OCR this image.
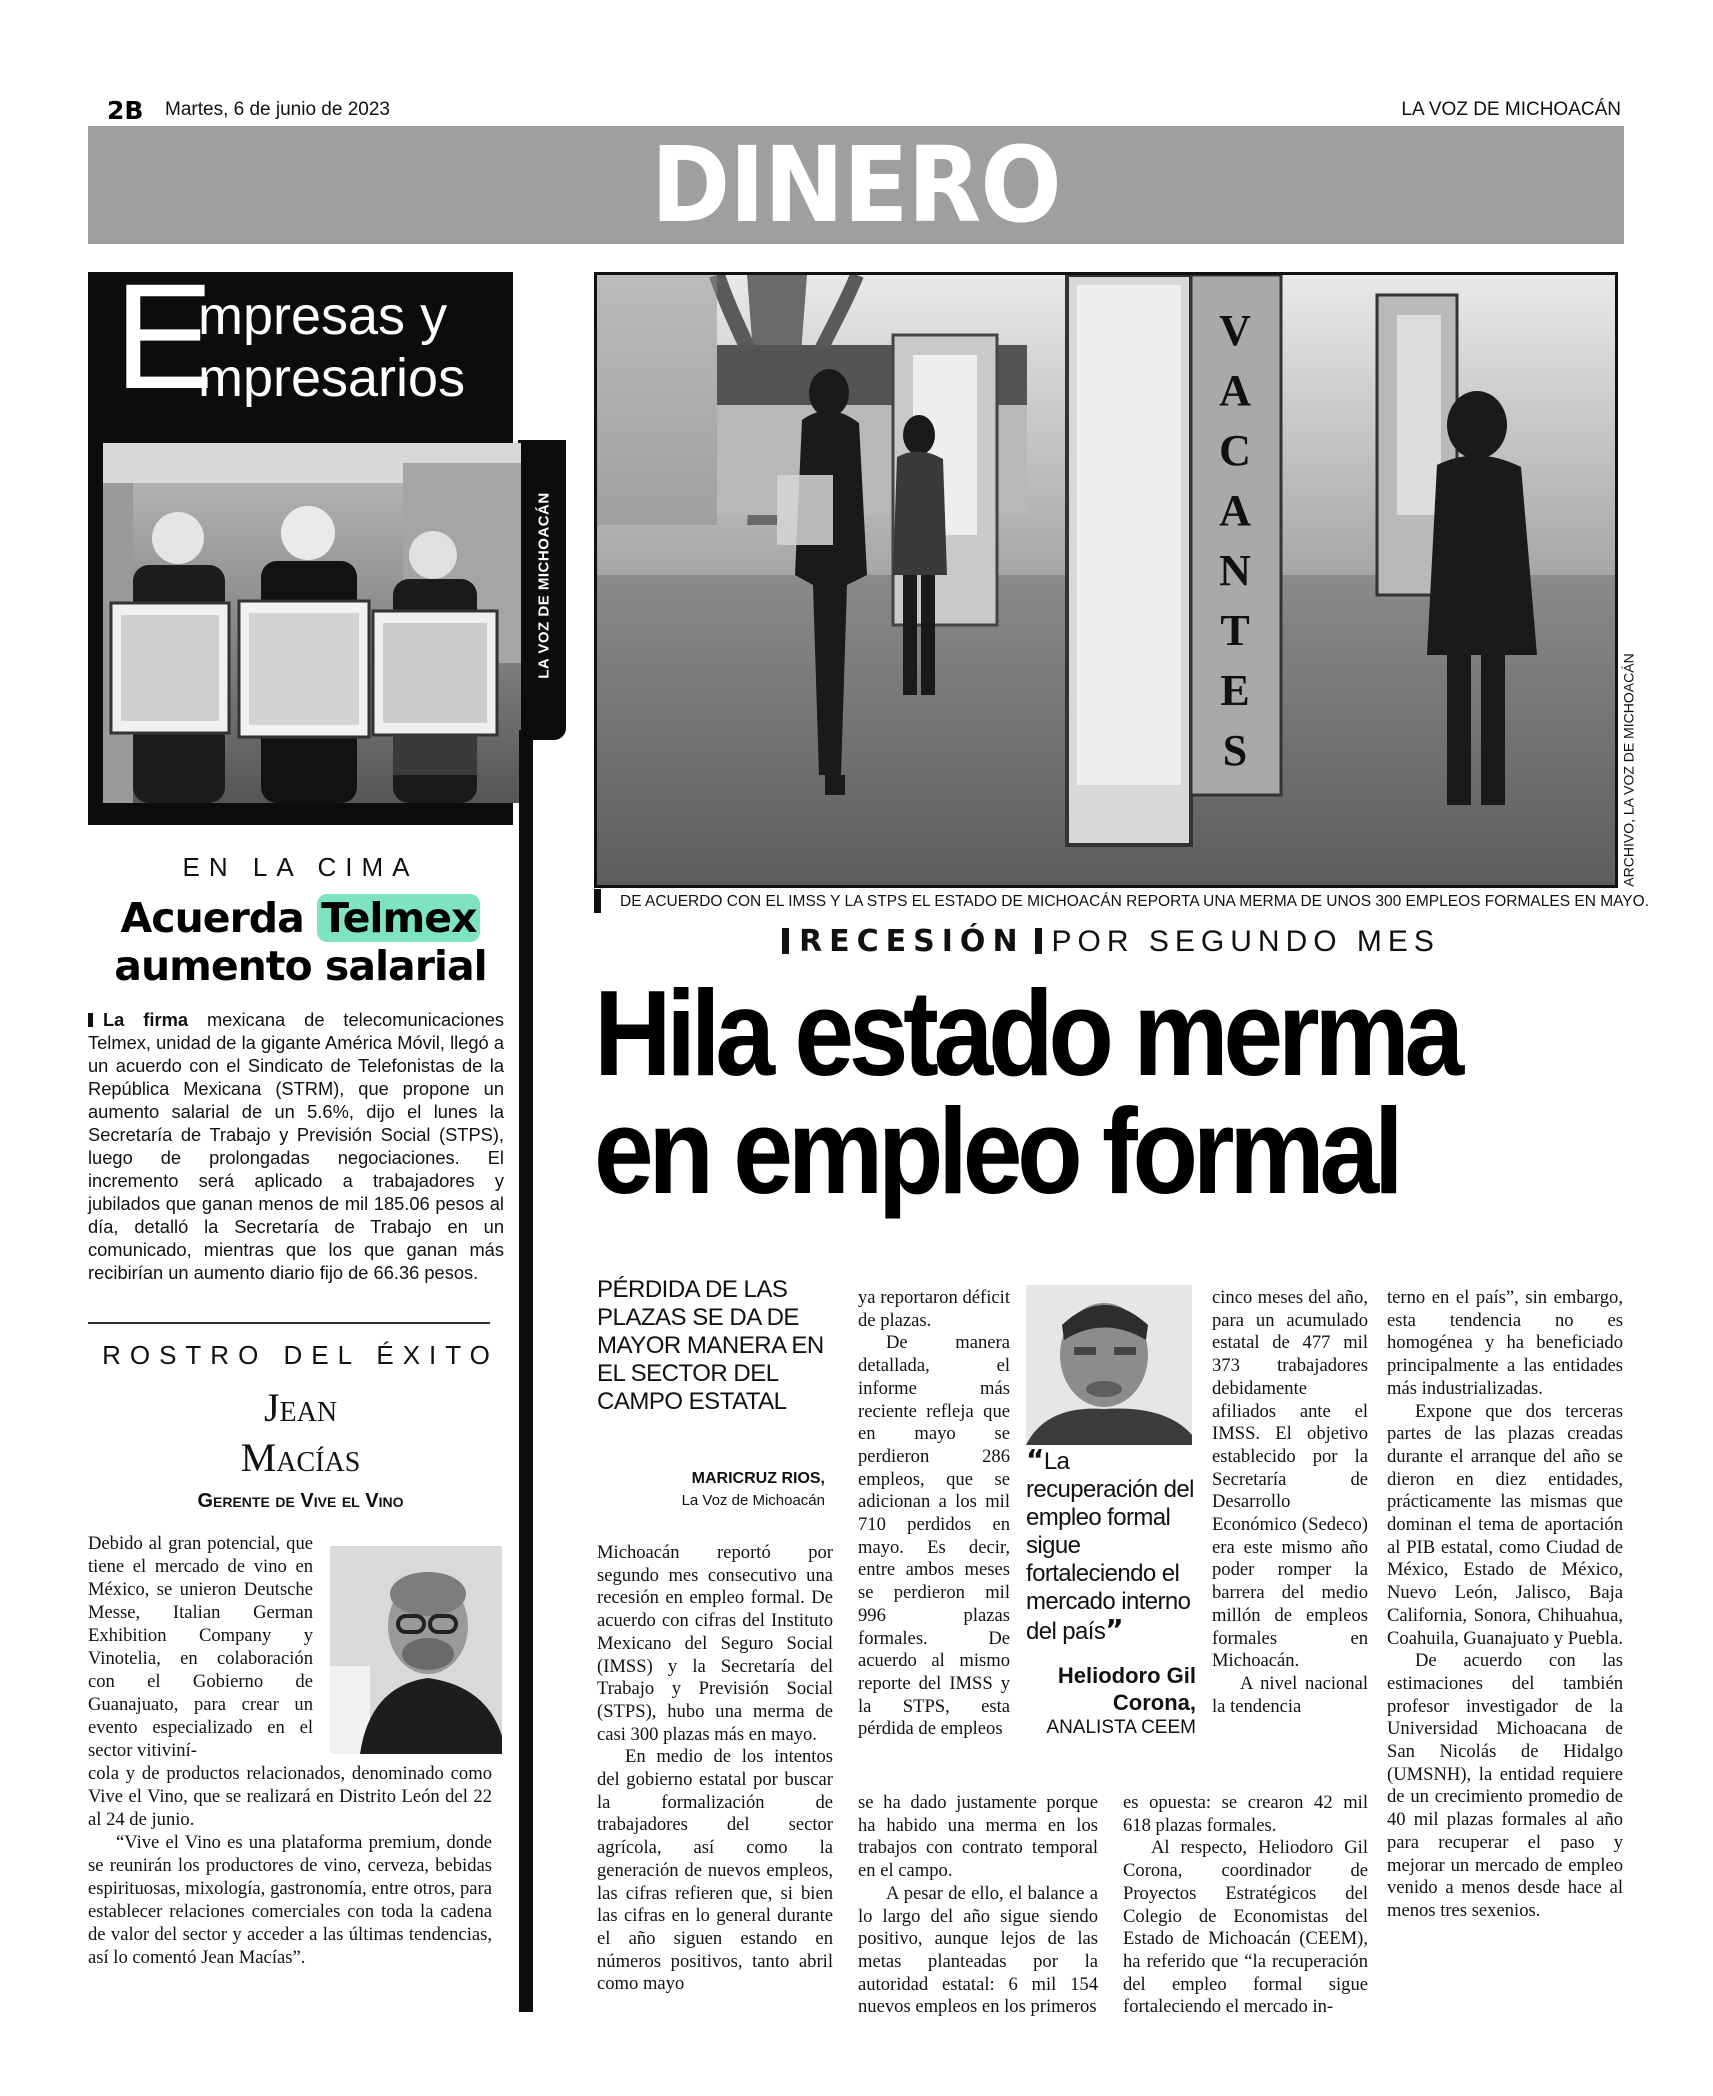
2B Martes, 6 de junio de 2023	LA VOZ DE MICHOACÁN
DINERO
E
mpresas y
mpresarios
LA VOZ DE MICHOACÁN
EN LA CIMA
Acuerda Telmex
aumento salarial
La firma mexicana de telecomunicaciones Telmex, unidad de la gigante América Móvil, llegó a un acuerdo con el Sindicato de Telefonistas de la República Mexicana (STRM), que propone un aumento salarial de un 5.6%, dijo el lunes la Secretaría de Trabajo y Previsión Social (STPS), luego de prolongadas negociaciones. El incremento será aplicado a trabajadores y jubilados que ganan menos de mil 185.06 pesos al día, detalló la Secretaría de Trabajo en un comunicado, mientras que los que ganan más recibirían un aumento diario fijo de 66.36 pesos.
ROSTRO DEL ÉXITO
Jean
Macías
Gerente de Vive el Vino
Debido al gran potencial, que tiene el mercado de vino en México, se unieron Deutsche Messe, Italian German Exhibition Company y Vinotelia, en colaboración con el Gobierno de Guanajuato, para crear un evento especializado en el sector vitiviní-
cola y de productos relacionados, denominado como Vive el Vino, que se realizará en Distrito León del 22 al 24 de junio.
“Vive el Vino es una plataforma premium, donde se reunirán los productores de vino, cerveza, bebidas espirituosas, mixología, gastronomía, entre otros, para establecer relaciones comerciales con toda la cadena de valor del sector y acceder a las últimas tendencias, así lo comentó Jean Macías”.
V
A
C
A
N
T
E
S	ARCHIVO, LA VOZ DE MICHOACÁN
DE ACUERDO CON EL IMSS Y LA STPS EL ESTADO DE MICHOACÁN REPORTA UNA MERMA DE UNOS 300 EMPLEOS FORMALES EN MAYO.
RECESIÓN POR SEGUNDO MES
Hila estado merma
en empleo formal
PÉRDIDA DE LAS PLAZAS SE DA DE MAYOR MANERA EN EL SECTOR DEL CAMPO ESTATAL
MARICRUZ RIOS,
La Voz de Michoacán
Michoacán reportó por segundo mes consecutivo una recesión en empleo formal. De acuerdo con cifras del Instituto Mexicano del Seguro Social (IMSS) y la Secretaría del Trabajo y Previsión Social (STPS), hubo una merma de casi 300 plazas más en mayo.
En medio de los intentos del gobierno estatal por buscar la formalización de trabajadores del sector agrícola, así como la generación de nuevos empleos, las cifras refieren que, si bien las cifras en lo general durante el año siguen estando en números positivos, tanto abril como mayo
ya reportaron déficit de plazas.
De manera detallada, el informe más reciente refleja que en mayo se perdieron 286 empleos, que se adicionan a los mil 710 perdidos en mayo. Es decir, entre ambos meses se perdieron mil 996 plazas formales. De acuerdo al mismo reporte del IMSS y la STPS, esta pérdida de empleos
se ha dado justamente porque ha habido una merma en los trabajos con contrato temporal en el campo.
A pesar de ello, el balance a lo largo del año sigue siendo positivo, aunque lejos de las metas planteadas por la autoridad estatal: 6 mil 154 nuevos empleos en los primeros
“La recuperación del empleo formal sigue fortaleciendo el mercado interno del país”
Heliodoro Gil Corona,
ANALISTA CEEM
cinco meses del año, para un acumulado estatal de 477 mil 373 trabajadores debidamente afiliados ante el IMSS. El objetivo establecido por la Secretaría de Desarrollo Económico (Sedeco) era este mismo año poder romper la barrera del medio millón de empleos formales en Michoacán.
A nivel nacional la tendencia
es opuesta: se crearon 42 mil 618 plazas formales.
Al respecto, Heliodoro Gil Corona, coordinador de Proyectos Estratégicos del Colegio de Economistas del Estado de Michoacán (CEEM), ha referido que “la recuperación del empleo formal sigue fortaleciendo el mercado in-
terno en el país”, sin embargo, esta tendencia no es homogénea y ha beneficiado principalmente a las entidades más industrializadas.
Expone que dos terceras partes de las plazas creadas durante el arranque del año se dieron en diez entidades, prácticamente las mismas que dominan el tema de aportación al PIB estatal, como Ciudad de México, Estado de México, Nuevo León, Jalisco, Baja California, Sonora, Chihuahua, Coahuila, Guanajuato y Puebla.
De acuerdo con las estimaciones del también profesor investigador de la Universidad Michoacana de San Nicolás de Hidalgo (UMSNH), la entidad requiere de un crecimiento promedio de 40 mil plazas formales al año para recuperar el paso y mejorar un mercado de empleo venido a menos desde hace al menos tres sexenios.
